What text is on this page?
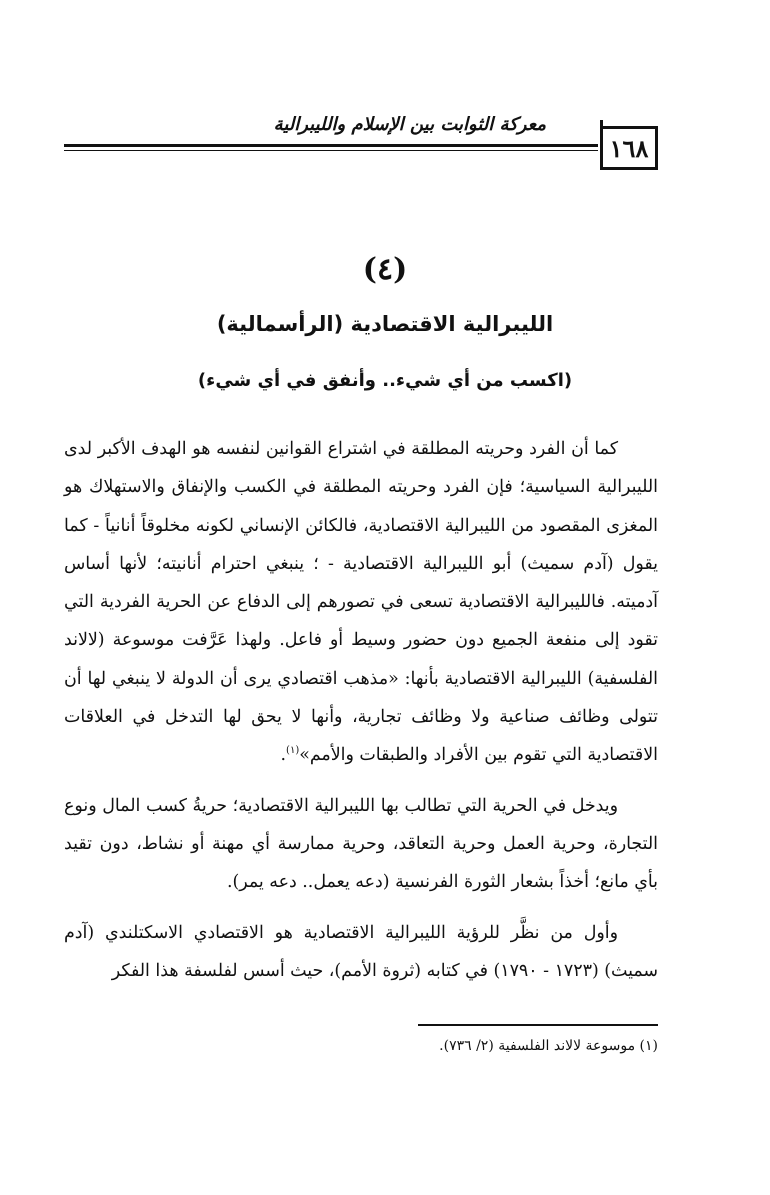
معركة الثوابت بين الإسلام والليبرالية
١٦٨
(٤)
الليبرالية الاقتصادية (الرأسمالية)
(اكسب من أي شيء.. وأنفق في أي شيء)

كما أن الفرد وحريته المطلقة في اشتراع القوانين لنفسه هو الهدف الأكبر لدى الليبرالية السياسية؛ فإن الفرد وحريته المطلقة في الكسب والإنفاق والاستهلاك هو المغزى المقصود من الليبرالية الاقتصادية، فالكائن الإنساني لكونه مخلوقاً أنانياً - كما يقول (آدم سميث) أبو الليبرالية الاقتصادية - ؛ ينبغي احترام أنانيته؛ لأنها أساس آدميته. فالليبرالية الاقتصادية تسعى في تصورهم إلى الدفاع عن الحرية الفردية التي تقود إلى منفعة الجميع دون حضور وسيط أو فاعل. ولهذا عَرَّفت موسوعة (لالاند الفلسفية) الليبرالية الاقتصادية بأنها: «مذهب اقتصادي يرى أن الدولة لا ينبغي لها أن تتولى وظائف صناعية ولا وظائف تجارية، وأنها لا يحق لها التدخل في العلاقات الاقتصادية التي تقوم بين الأفراد والطبقات والأمم»$^{(١)}$.

ويدخل في الحرية التي تطالب بها الليبرالية الاقتصادية؛ حريةُ كسب المال ونوع التجارة، وحرية العمل وحرية التعاقد، وحرية ممارسة أي مهنة أو نشاط، دون تقيد بأي مانع؛ أخذاً بشعار الثورة الفرنسية (دعه يعمل.. دعه يمر).

وأول من نظَّر للرؤية الليبرالية الاقتصادية هو الاقتصادي الاسكتلندي (آدم سميث) (١٧٢٣ - ١٧٩٠) في كتابه (ثروة الأمم)، حيث أسس لفلسفة هذا الفكر

(١) موسوعة لالاند الفلسفية (٢/ ٧٣٦).
